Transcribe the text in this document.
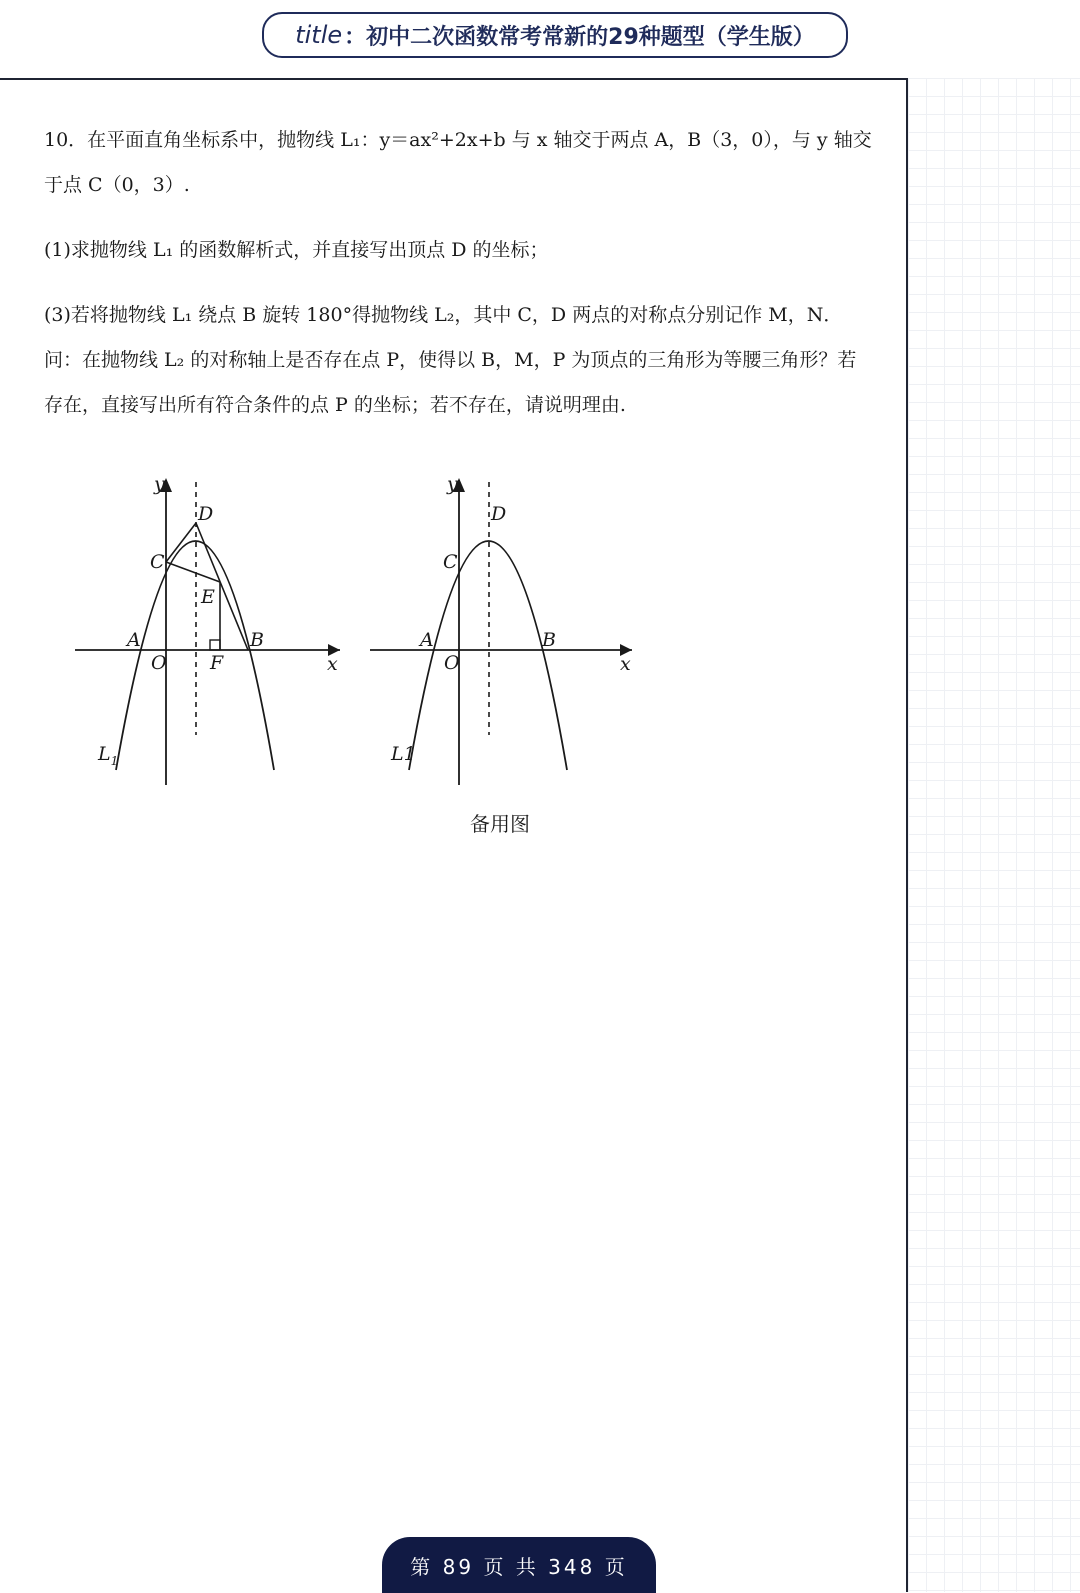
title ：初中二次函数常考常新的29种题型（学生版）

10．在平面直角坐标系中，抛物线 L₁：y＝ax²+2x+b 与 x 轴交于两点 A，B（3，0），与 y 轴交于点 C（0，3）.

(1)求抛物线 L₁ 的函数解析式，并直接写出顶点 D 的坐标；

(3)若将抛物线 L₁ 绕点 B 旋转 180°得抛物线 L₂，其中 C，D 两点的对称点分别记作 M，N．问：在抛物线 L₂ 的对称轴上是否存在点 P，使得以 B，M，P 为顶点的三角形为等腰三角形？若存在，直接写出所有符合条件的点 P 的坐标；若不存在，请说明理由.

y
x
O
A	B
C
D
E
F
$L_1$
y
x
O
A	B
C
D
L1
备用图
第 89 页 共 348 页
